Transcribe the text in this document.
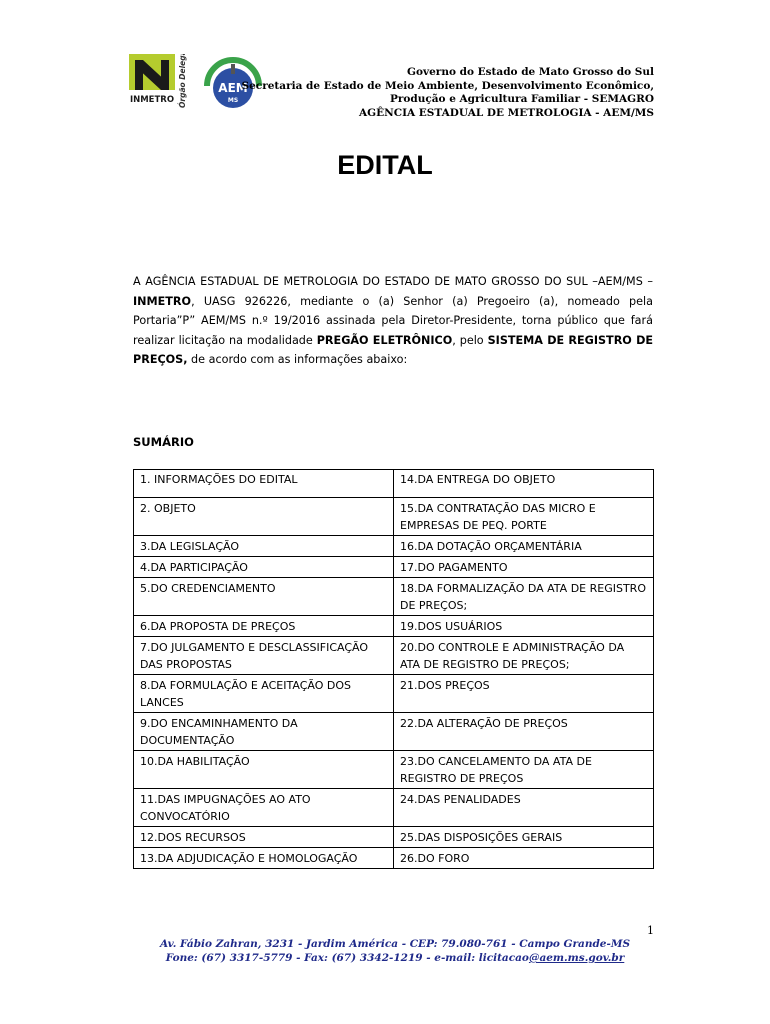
INMETRO Órgão Delegado	AEM
MS
Governo do Estado de Mato Grosso do Sul
Secretaria de Estado de Meio Ambiente, Desenvolvimento Econômico,
Produção e Agricultura Familiar - SEMAGRO
AGÊNCIA ESTADUAL DE METROLOGIA - AEM/MS
EDITAL
A AGÊNCIA ESTADUAL DE METROLOGIA DO ESTADO DE MATO GROSSO DO SUL –AEM/MS – INMETRO, UASG 926226, mediante o (a) Senhor (a) Pregoeiro (a), nomeado pela Portaria”P” AEM/MS n.º 19/2016 assinada pela Diretor-Presidente, torna público que fará realizar licitação na modalidade PREGÃO ELETRÔNICO, pelo SISTEMA DE REGISTRO DE PREÇOS, de acordo com as informações abaixo:
SUMÁRIO
1. INFORMAÇÕES DO EDITAL	14.DA ENTREGA DO OBJETO
2. OBJETO	15.DA CONTRATAÇÃO DAS MICRO E EMPRESAS DE PEQ. PORTE
3.DA LEGISLAÇÃO	16.DA DOTAÇÃO ORÇAMENTÁRIA
4.DA PARTICIPAÇÃO	17.DO PAGAMENTO
5.DO CREDENCIAMENTO	18.DA FORMALIZAÇÃO DA ATA DE REGISTRO DE PREÇOS;
6.DA PROPOSTA DE PREÇOS	19.DOS USUÁRIOS
7.DO JULGAMENTO E DESCLASSIFICAÇÃO DAS PROPOSTAS	20.DO CONTROLE E ADMINISTRAÇÃO DA ATA DE REGISTRO DE PREÇOS;
8.DA FORMULAÇÃO E ACEITAÇÃO DOS LANCES	21.DOS PREÇOS
9.DO ENCAMINHAMENTO DA DOCUMENTAÇÃO	22.DA ALTERAÇÃO DE PREÇOS
10.DA HABILITAÇÃO	23.DO CANCELAMENTO DA ATA DE REGISTRO DE PREÇOS
11.DAS IMPUGNAÇÕES AO ATO CONVOCATÓRIO	24.DAS PENALIDADES
12.DOS RECURSOS	25.DAS DISPOSIÇÕES GERAIS
13.DA ADJUDICAÇÃO E HOMOLOGAÇÃO	26.DO FORO
1
Av. Fábio Zahran, 3231 - Jardim América - CEP: 79.080-761 - Campo Grande-MS
Fone: (67) 3317-5779 - Fax: (67) 3342-1219 - e-mail: licitacao@aem.ms.gov.br
